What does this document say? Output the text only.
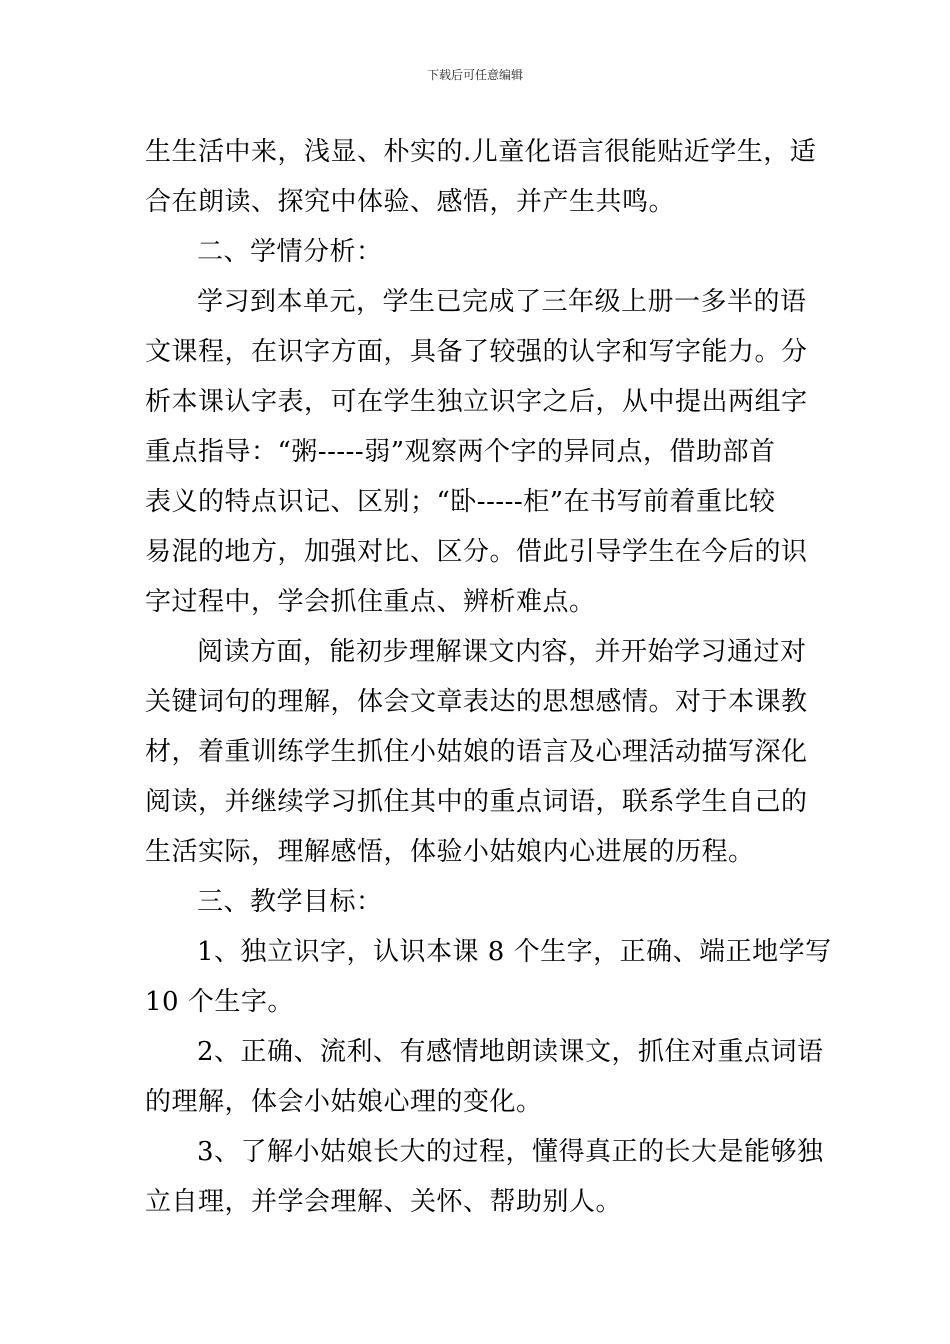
下载后可任意编辑
生生活中来，浅显、朴实的.儿童化语言很能贴近学生，适
合在朗读、探究中体验、感悟，并产生共鸣。
二、学情分析：
学习到本单元，学生已完成了三年级上册一多半的语
文课程，在识字方面，具备了较强的认字和写字能力。分
析本课认字表，可在学生独立识字之后，从中提出两组字
重点指导：“粥-----弱”观察两个字的异同点，借助部首
表义的特点识记、区别；“卧-----柜”在书写前着重比较
易混的地方，加强对比、区分。借此引导学生在今后的识
字过程中，学会抓住重点、辨析难点。
阅读方面，能初步理解课文内容，并开始学习通过对
关键词句的理解，体会文章表达的思想感情。对于本课教
材，着重训练学生抓住小姑娘的语言及心理活动描写深化
阅读，并继续学习抓住其中的重点词语，联系学生自己的
生活实际，理解感悟，体验小姑娘内心进展的历程。
三、教学目标：
1、独立识字，认识本课 8 个生字，正确、端正地学写
10 个生字。
2、正确、流利、有感情地朗读课文，抓住对重点词语
的理解，体会小姑娘心理的变化。
3、了解小姑娘长大的过程，懂得真正的长大是能够独
立自理，并学会理解、关怀、帮助别人。
